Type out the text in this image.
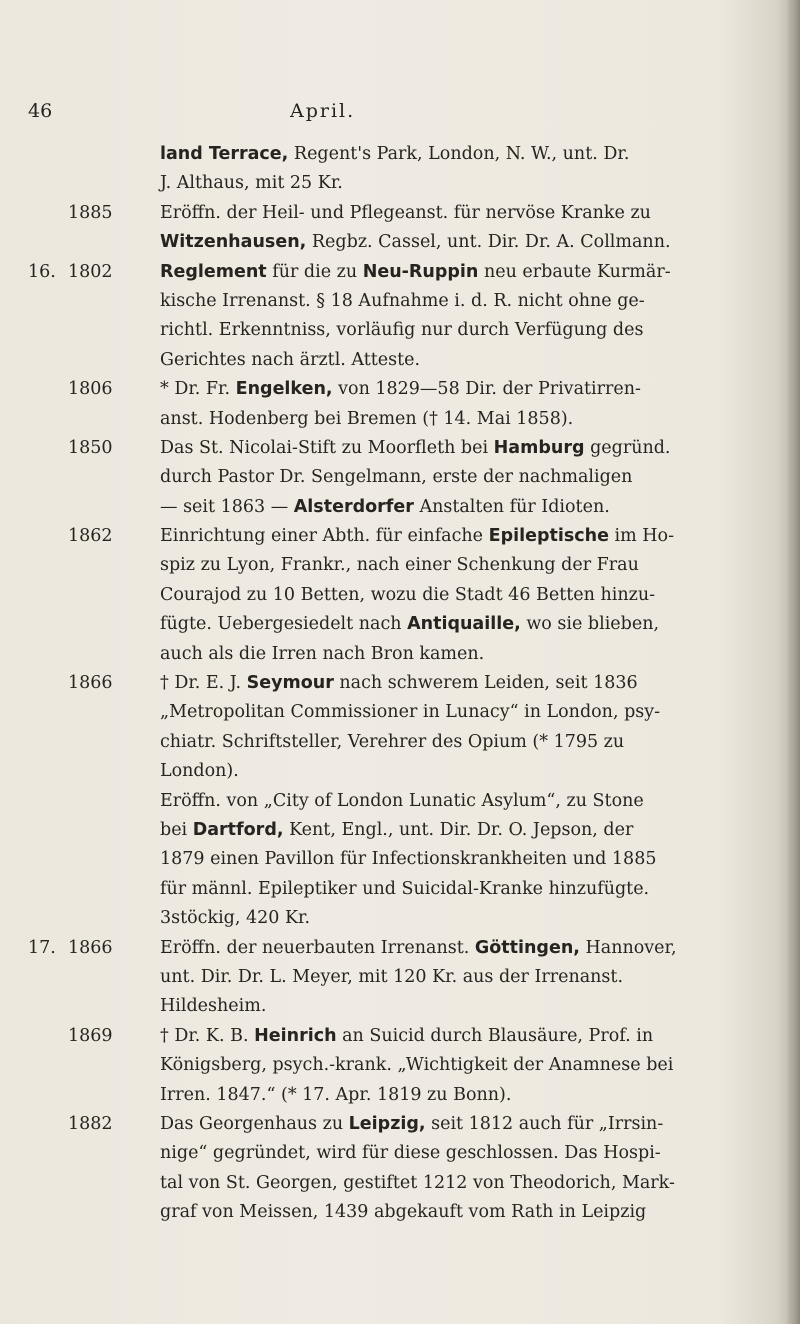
46	April.
land Terrace, Regent's Park, London, N. W., unt. Dr.
J. Althaus, mit 25 Kr.
1885	Eröffn. der Heil- und Pflegeanst. für nervöse Kranke zu
Witzenhausen, Regbz. Cassel, unt. Dir. Dr. A. Collmann.
16. 1802	Reglement für die zu Neu-Ruppin neu erbaute Kurmär-
kische Irrenanst. § 18 Aufnahme i. d. R. nicht ohne ge-
richtl. Erkenntniss, vorläufig nur durch Verfügung des
Gerichtes nach ärztl. Atteste.
1806	* Dr. Fr. Engelken, von 1829—58 Dir. der Privatirren-
anst. Hodenberg bei Bremen († 14. Mai 1858).
1850	Das St. Nicolai-Stift zu Moorfleth bei Hamburg gegründ.
durch Pastor Dr. Sengelmann, erste der nachmaligen
— seit 1863 — Alsterdorfer Anstalten für Idioten.
1862	Einrichtung einer Abth. für einfache Epileptische im Ho-
spiz zu Lyon, Frankr., nach einer Schenkung der Frau
Courajod zu 10 Betten, wozu die Stadt 46 Betten hinzu-
fügte. Uebergesiedelt nach Antiquaille, wo sie blieben,
auch als die Irren nach Bron kamen.
1866	† Dr. E. J. Seymour nach schwerem Leiden, seit 1836
„Metropolitan Commissioner in Lunacy“ in London, psy-
chiatr. Schriftsteller, Verehrer des Opium (* 1795 zu
London).
Eröffn. von „City of London Lunatic Asylum“, zu Stone
bei Dartford, Kent, Engl., unt. Dir. Dr. O. Jepson, der
1879 einen Pavillon für Infectionskrankheiten und 1885
für männl. Epileptiker und Suicidal-Kranke hinzufügte.
3stöckig, 420 Kr.
17. 1866	Eröffn. der neuerbauten Irrenanst. Göttingen, Hannover,
unt. Dir. Dr. L. Meyer, mit 120 Kr. aus der Irrenanst.
Hildesheim.
1869	† Dr. K. B. Heinrich an Suicid durch Blausäure, Prof. in
Königsberg, psych.-krank. „Wichtigkeit der Anamnese bei
Irren. 1847.“ (* 17. Apr. 1819 zu Bonn).
1882	Das Georgenhaus zu Leipzig, seit 1812 auch für „Irrsin-
nige“ gegründet, wird für diese geschlossen. Das Hospi-
tal von St. Georgen, gestiftet 1212 von Theodorich, Mark-
graf von Meissen, 1439 abgekauft vom Rath in Leipzig
